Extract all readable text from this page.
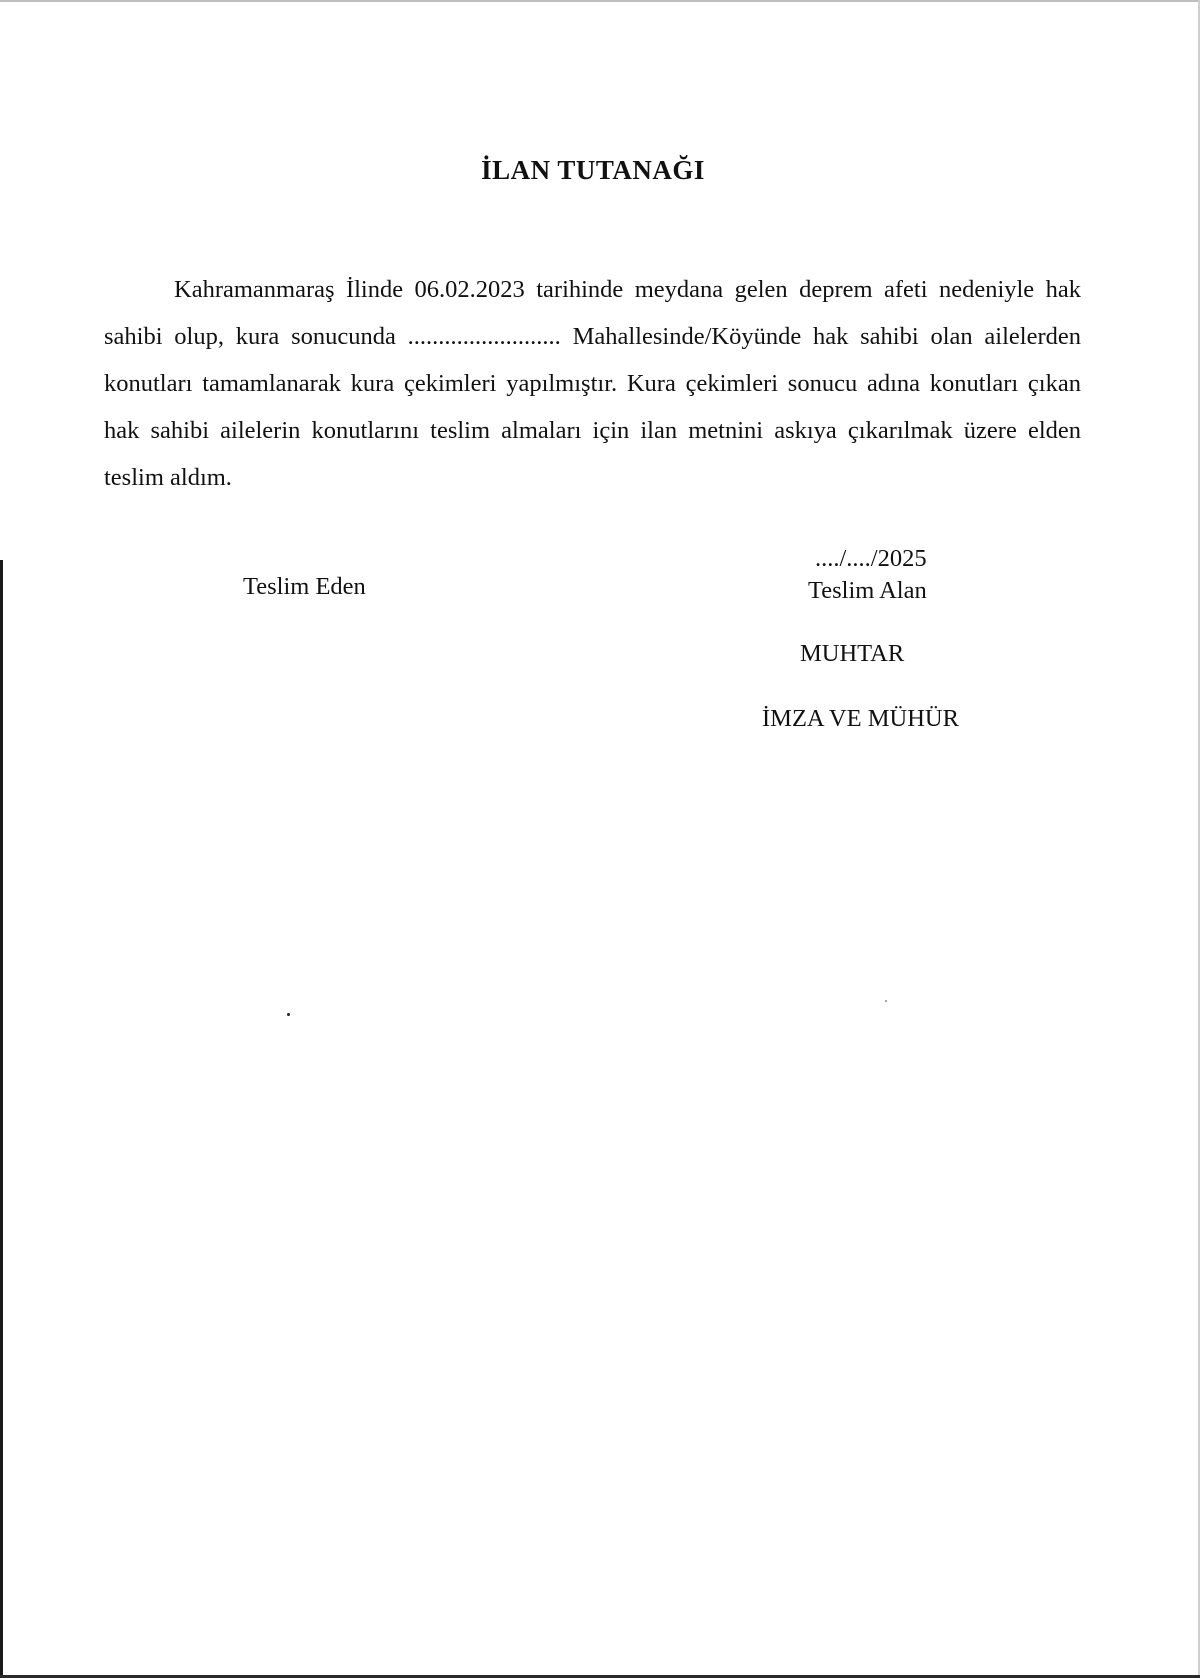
İLAN TUTANAĞI

Kahramanmaraş İlinde 06.02.2023 tarihinde meydana gelen deprem afeti nedeniyle hak sahibi olup, kura sonucunda ......................... Mahallesinde/Köyünde hak sahibi olan ailelerden konutları tamamlanarak kura çekimleri yapılmıştır. Kura çekimleri sonucu adına konutları çıkan hak sahibi ailelerin konutlarını teslim almaları için ilan metnini askıya çıkarılmak üzere elden teslim aldım.

Teslim Eden
..../..../2025
Teslim Alan
MUHTAR
İMZA VE MÜHÜR
